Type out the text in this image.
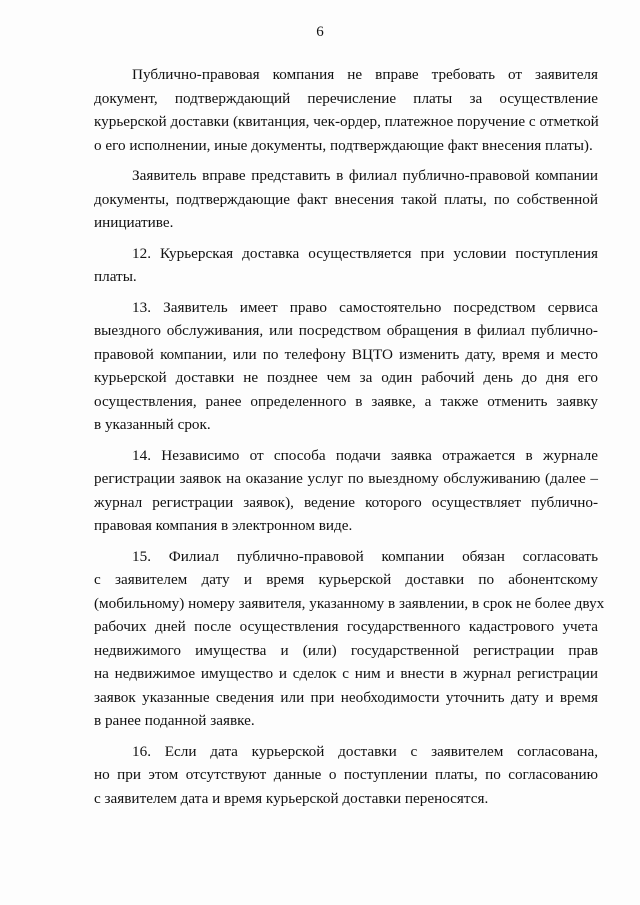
6

Публично-правовая компания не вправе требовать от заявителя
документ, подтверждающий перечисление платы за осуществление
курьерской доставки (квитанция, чек-ордер, платежное поручение с отметкой
о его исполнении, иные документы, подтверждающие факт внесения платы).

Заявитель вправе представить в филиал публично-правовой компании
документы, подтверждающие факт внесения такой платы, по собственной
инициативе.

12. Курьерская доставка осуществляется при условии поступления
платы.

13. Заявитель имеет право самостоятельно посредством сервиса
выездного обслуживания, или посредством обращения в филиал публично-
правовой компании, или по телефону ВЦТО изменить дату, время и место
курьерской доставки не позднее чем за один рабочий день до дня его
осуществления, ранее определенного в заявке, а также отменить заявку
в указанный срок.

14. Независимо от способа подачи заявка отражается в журнале
регистрации заявок на оказание услуг по выездному обслуживанию (далее –
журнал регистрации заявок), ведение которого осуществляет публично-
правовая компания в электронном виде.

15. Филиал публично-правовой компании обязан согласовать
с заявителем дату и время курьерской доставки по абонентскому
(мобильному) номеру заявителя, указанному в заявлении, в срок не более двух
рабочих дней после осуществления государственного кадастрового учета
недвижимого имущества и (или) государственной регистрации прав
на недвижимое имущество и сделок с ним и внести в журнал регистрации
заявок указанные сведения или при необходимости уточнить дату и время
в ранее поданной заявке.

16. Если дата курьерской доставки с заявителем согласована,
но при этом отсутствуют данные о поступлении платы, по согласованию
с заявителем дата и время курьерской доставки переносятся.
